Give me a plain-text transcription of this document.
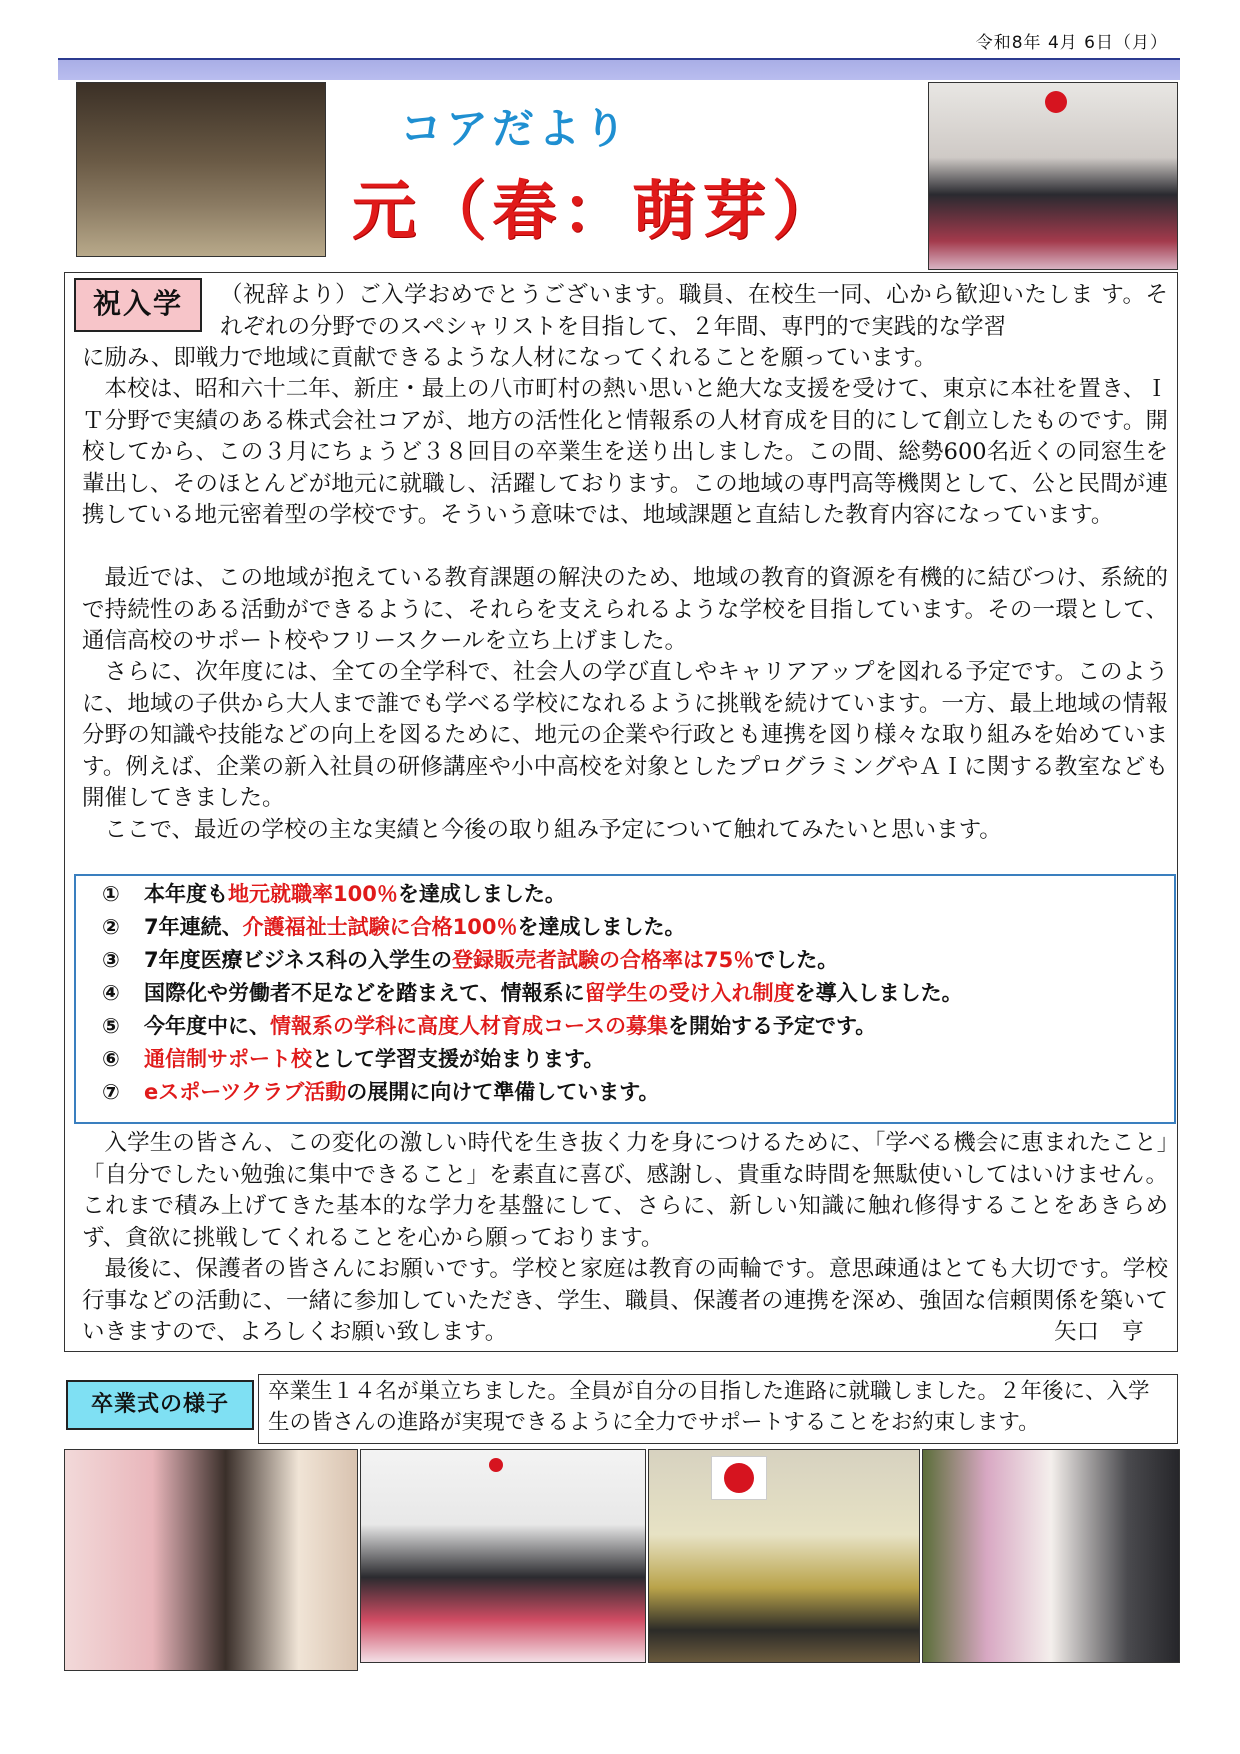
令和8年 4月 6日（月）
コアだより
元（春：萌芽）
祝入学	（祝辞より）ご入学おめでとうございます。職員、在校生一同、心から歓迎いたしま す。それぞれの分野でのスペシャリストを目指して、２年間、専門的で実践的な学習
に励み、即戦力で地域に貢献できるような人材になってくれることを願っています。
本校は、昭和六十二年、新庄・最上の八市町村の熱い思いと絶大な支援を受けて、東京に本社を置き、ＩＴ分野で実績のある株式会社コアが、地方の活性化と情報系の人材育成を目的にして創立したものです。開校してから、この３月にちょうど３８回目の卒業生を送り出しました。この間、総勢600名近くの同窓生を輩出し、そのほとんどが地元に就職し、活躍しております。この地域の専門高等機関として、公と民間が連携している地元密着型の学校です。そういう意味では、地域課題と直結した教育内容になっています。
最近では、この地域が抱えている教育課題の解決のため、地域の教育的資源を有機的に結びつけ、系統的で持続性のある活動ができるように、それらを支えられるような学校を目指しています。その一環として、通信高校のサポート校やフリースクールを立ち上げました。
さらに、次年度には、全ての全学科で、社会人の学び直しやキャリアアップを図れる予定です。このように、地域の子供から大人まで誰でも学べる学校になれるように挑戦を続けています。一方、最上地域の情報分野の知識や技能などの向上を図るために、地元の企業や行政とも連携を図り様々な取り組みを始めています。例えば、企業の新入社員の研修講座や小中高校を対象としたプログラミングやＡＩに関する教室なども開催してきました。
ここで、最近の学校の主な実績と今後の取り組み予定について触れてみたいと思います。
① 本年度も地元就職率100％を達成しました。
② 7年連続、介護福祉士試験に合格100％を達成しました。
③ 7年度医療ビジネス科の入学生の登録販売者試験の合格率は75％でした。
④ 国際化や労働者不足などを踏まえて、情報系に留学生の受け入れ制度を導入しました。
⑤ 今年度中に、情報系の学科に高度人材育成コースの募集を開始する予定です。
⑥ 通信制サポート校として学習支援が始まります。
⑦ eスポーツクラブ活動の展開に向けて準備しています。
入学生の皆さん、この変化の激しい時代を生き抜く力を身につけるために、「学べる機会に恵まれたこと」「自分でしたい勉強に集中できること」を素直に喜び、感謝し、貴重な時間を無駄使いしてはいけません。これまで積み上げてきた基本的な学力を基盤にして、さらに、新しい知識に触れ修得することをあきらめず、貪欲に挑戦してくれることを心から願っております。
最後に、保護者の皆さんにお願いです。学校と家庭は教育の両輪です。意思疎通はとても大切です。学校行事などの活動に、一緒に参加していただき、学生、職員、保護者の連携を深め、強固な信頼関係を築いていきますので、よろしくお願い致します。	矢口　亨
卒業式の様子	卒業生１４名が巣立ちました。全員が自分の目指した進路に就職しました。２年後に、入学生の皆さんの進路が実現できるように全力でサポートすることをお約束します。
